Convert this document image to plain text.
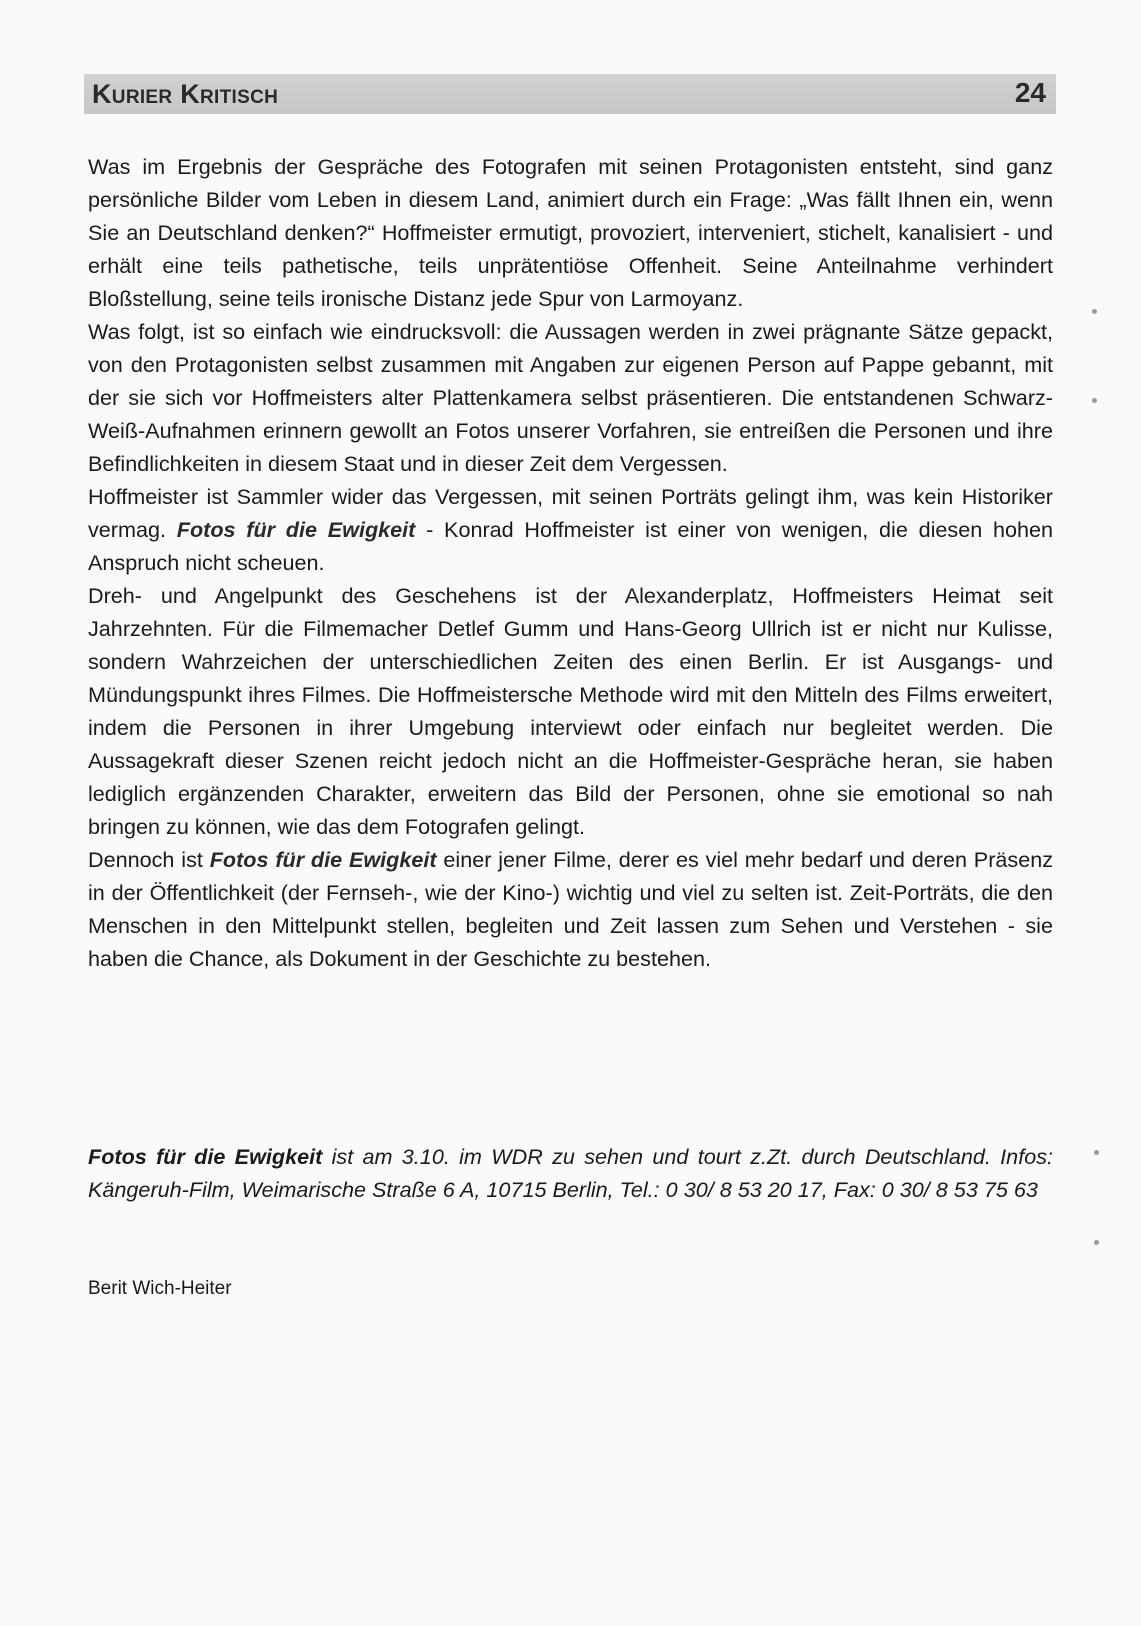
Kurier Kritisch	24

Was im Ergebnis der Gespräche des Fotografen mit seinen Protagonisten entsteht, sind ganz persönliche Bilder vom Leben in diesem Land, animiert durch ein Frage: „Was fällt Ihnen ein, wenn Sie an Deutschland denken?“ Hoffmeister ermutigt, provoziert, interveniert, stichelt, kanalisiert - und erhält eine teils pathetische, teils unprätentiöse Offenheit. Seine Anteilnahme verhindert Bloßstellung, seine teils ironische Distanz jede Spur von Larmoyanz.

Was folgt, ist so einfach wie eindrucksvoll: die Aussagen werden in zwei prägnante Sätze gepackt, von den Protagonisten selbst zusammen mit Angaben zur eigenen Person auf Pappe gebannt, mit der sie sich vor Hoffmeisters alter Plattenkamera selbst präsentieren. Die entstandenen Schwarz-Weiß-Aufnahmen erinnern gewollt an Fotos unserer Vorfahren, sie entreißen die Personen und ihre Befindlichkeiten in diesem Staat und in dieser Zeit dem Vergessen.

Hoffmeister ist Sammler wider das Vergessen, mit seinen Porträts gelingt ihm, was kein Historiker vermag. Fotos für die Ewigkeit - Konrad Hoffmeister ist einer von wenigen, die diesen hohen Anspruch nicht scheuen.

Dreh- und Angelpunkt des Geschehens ist der Alexanderplatz, Hoffmeisters Heimat seit Jahrzehnten. Für die Filmemacher Detlef Gumm und Hans-Georg Ullrich ist er nicht nur Kulisse, sondern Wahrzeichen der unterschiedlichen Zeiten des einen Berlin. Er ist Ausgangs- und Mündungspunkt ihres Filmes. Die Hoffmeistersche Methode wird mit den Mitteln des Films erweitert, indem die Personen in ihrer Umgebung interviewt oder einfach nur begleitet werden. Die Aussagekraft dieser Szenen reicht jedoch nicht an die Hoffmeister-Gespräche heran, sie haben lediglich ergänzenden Charakter, erweitern das Bild der Personen, ohne sie emotional so nah bringen zu können, wie das dem Fotografen gelingt.

Dennoch ist Fotos für die Ewigkeit einer jener Filme, derer es viel mehr bedarf und deren Präsenz in der Öffentlichkeit (der Fernseh-, wie der Kino-) wichtig und viel zu selten ist. Zeit-Porträts, die den Menschen in den Mittelpunkt stellen, begleiten und Zeit lassen zum Sehen und Verstehen - sie haben die Chance, als Dokument in der Geschichte zu bestehen.

Fotos für die Ewigkeit ist am 3.10. im WDR zu sehen und tourt z.Zt. durch Deutschland. Infos: Kängeruh-Film, Weimarische Straße 6 A, 10715 Berlin, Tel.: 0 30/ 8 53 20 17, Fax: 0 30/ 8 53 75 63
Berit Wich-Heiter
